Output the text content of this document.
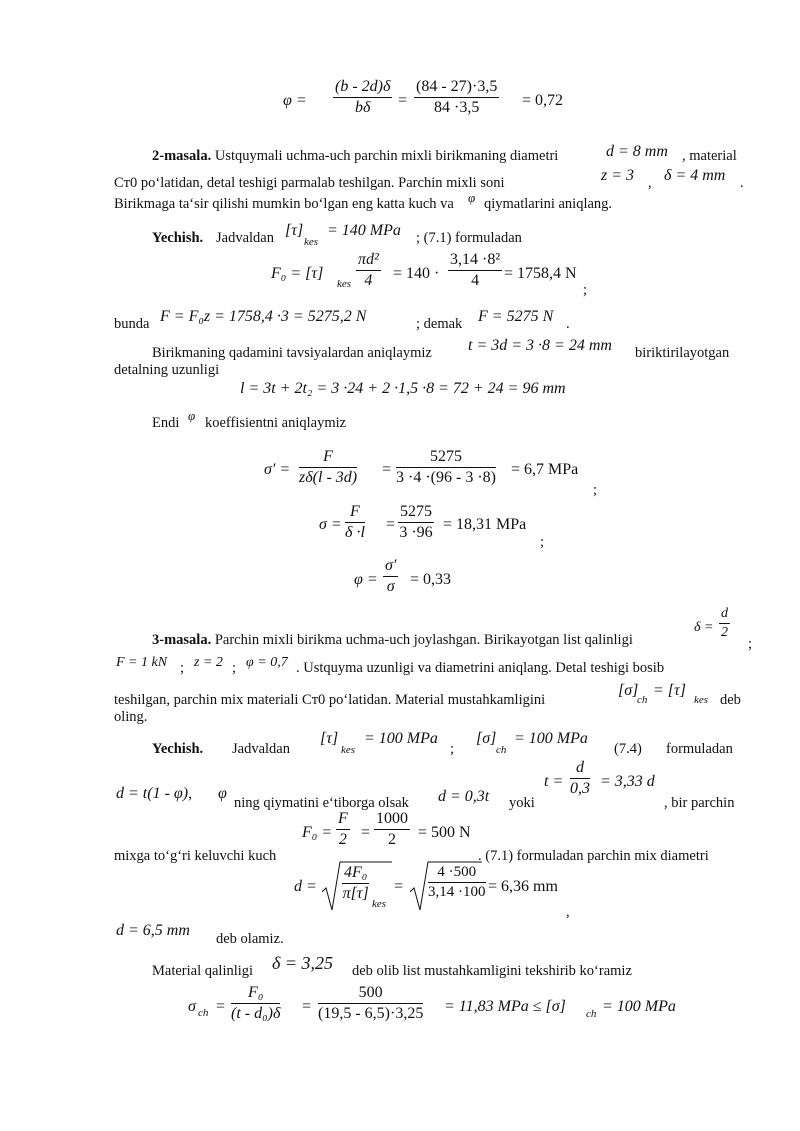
$\varphi = \frac{(b - 2d)\delta}{b\delta} = \frac{(84 - 27)\cdot 3,5}{84 \cdot 3,5} = 0,72$
2-masala. Ustquymali uchma-uch parchin mixli birikmaning diametri	d = 8 mm , material
Cт0 po‘latidan, detal teshigi parmalab teshilgan. Parchin mixli soni	z = 3 , δ = 4 mm .
Birikmaga ta‘sir qilishi mumkin bo‘lgan eng katta kuch va φ qiymatlarini aniqlang.
Yechish. Jadvaldan [τ]
kes
= 140 MPa ; (7.1) formuladan
F₀ = [τ]
kes $\frac{\text{πd²}}{4} = 140 \cdot \frac{\text{3,14 ·8²}}{4} = 1758,4$ N
;
bunda F = F₀z = 1758,4 ·3 = 5275,2 N	; demak F = 5275 N .
Birikmaning qadamini tavsiyalardan aniqlaymiz t = 3d = 3 ·8 = 24 mm biriktirilayotgan
detalning uzunligi
l = 3t + 2t₂ = 3 ·24 + 2 ·1,5 ·8 = 72 + 24 = 96 mm
Endi φ koeffisientni aniqlaymiz
$\sigma' = \frac{F}{z\delta(l - 3d)} = \frac{5275}{3 \cdot 4 \cdot(96 - 3 \cdot 8)} = 6,7$ MPa
;
$\sigma = \frac{F}{\delta \cdot l} = \frac{5275}{3 \cdot 96} = 18,31$ MPa
;
$\varphi = \frac{\sigma'}{\sigma} = 0,33$
3-masala. Parchin mixli birikma uchma-uch joylashgan. Birikayotgan list qalinligi
$\delta = \frac{d}{2}$
;
F = 1 kN ; z = 2 ; φ = 0,7 . Ustquyma uzunligi va diametrini aniqlang. Detal teshigi bosib
teshilgan, parchin mix materiali Cт0 po‘latidan. Material mustahkamligini
[σ]
ch
= [τ]
kes deb
oling.
Yechish. Jadvaldan
[τ]
kes
= 100 MPa
;
[σ]
ch
= 100 MPa
(7.4) formuladan
d = t(1 - φ), φ
ning qiymatini e‘tiborga olsak d = 0,3t yoki
$t = \frac{d}{0,3} = 3,33$ d
, bir parchin
$F_0 = \frac{F}{2} = \frac{1000}{2} = 500$ N
mixga to‘g‘ri keluvchi kuch	. (7.1) formuladan parchin mix diametri
$d = \frac{\text{4F₀}}{\pi[\tau]}$
kes
= $\frac{4 \cdot 500}{3,14 \cdot 100} = 6,36$ mm
,
d = 6,5 mm deb olamiz.
Material qalinligi δ = 3,25 deb olib list mustahkamligini tekshirib ko‘ramiz
σ ch = $\frac{\text{F₀}}{\text{(t - d₀)δ}} = \frac{500}{(19,5 - 6,5)\cdot 3,25} = 11,83$ MPa ≤ [σ] ch = 100 MPa
